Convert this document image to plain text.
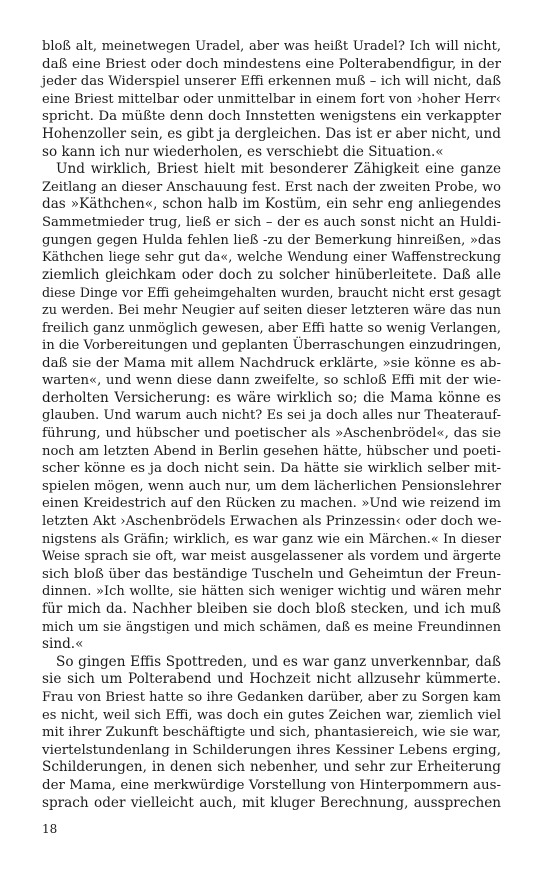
bloß alt, meinetwegen Uradel, aber was heißt Uradel? Ich will nicht,
daß eine Briest oder doch mindestens eine Polterabendfigur, in der
jeder das Widerspiel unserer Effi erkennen muß – ich will nicht, daß
eine Briest mittelbar oder unmittelbar in einem fort von ›hoher Herr‹
spricht. Da müßte denn doch Innstetten wenigstens ein verkappter
Hohenzoller sein, es gibt ja dergleichen. Das ist er aber nicht, und
so kann ich nur wiederholen, es verschiebt die Situation.«
Und wirklich, Briest hielt mit besonderer Zähigkeit eine ganze
Zeitlang an dieser Anschauung fest. Erst nach der zweiten Probe, wo
das »Käthchen«, schon halb im Kostüm, ein sehr eng anliegendes
Sammetmieder trug, ließ er sich – der es auch sonst nicht an Huldi-
gungen gegen Hulda fehlen ließ -zu der Bemerkung hinreißen, »das
Käthchen liege sehr gut da«, welche Wendung einer Waffenstreckung
ziemlich gleichkam oder doch zu solcher hinüberleitete. Daß alle
diese Dinge vor Effi geheimgehalten wurden, braucht nicht erst gesagt
zu werden. Bei mehr Neugier auf seiten dieser letzteren wäre das nun
freilich ganz unmöglich gewesen, aber Effi hatte so wenig Verlangen,
in die Vorbereitungen und geplanten Überraschungen einzudringen,
daß sie der Mama mit allem Nachdruck erklärte, »sie könne es ab-
warten«, und wenn diese dann zweifelte, so schloß Effi mit der wie-
derholten Versicherung: es wäre wirklich so; die Mama könne es
glauben. Und warum auch nicht? Es sei ja doch alles nur Theaterauf-
führung, und hübscher und poetischer als »Aschenbrödel«, das sie
noch am letzten Abend in Berlin gesehen hätte, hübscher und poeti-
scher könne es ja doch nicht sein. Da hätte sie wirklich selber mit-
spielen mögen, wenn auch nur, um dem lächerlichen Pensionslehrer
einen Kreidestrich auf den Rücken zu machen. »Und wie reizend im
letzten Akt ›Aschenbrödels Erwachen als Prinzessin‹ oder doch we-
nigstens als Gräfin; wirklich, es war ganz wie ein Märchen.« In dieser
Weise sprach sie oft, war meist ausgelassener als vordem und ärgerte
sich bloß über das beständige Tuscheln und Geheimtun der Freun-
dinnen. »Ich wollte, sie hätten sich weniger wichtig und wären mehr
für mich da. Nachher bleiben sie doch bloß stecken, und ich muß
mich um sie ängstigen und mich schämen, daß es meine Freundinnen
sind.«
So gingen Effis Spottreden, und es war ganz unverkennbar, daß
sie sich um Polterabend und Hochzeit nicht allzusehr kümmerte.
Frau von Briest hatte so ihre Gedanken darüber, aber zu Sorgen kam
es nicht, weil sich Effi, was doch ein gutes Zeichen war, ziemlich viel
mit ihrer Zukunft beschäftigte und sich, phantasiereich, wie sie war,
viertelstundenlang in Schilderungen ihres Kessiner Lebens erging,
Schilderungen, in denen sich nebenher, und sehr zur Erheiterung
der Mama, eine merkwürdige Vorstellung von Hinterpommern aus-
sprach oder vielleicht auch, mit kluger Berechnung, aussprechen
18
